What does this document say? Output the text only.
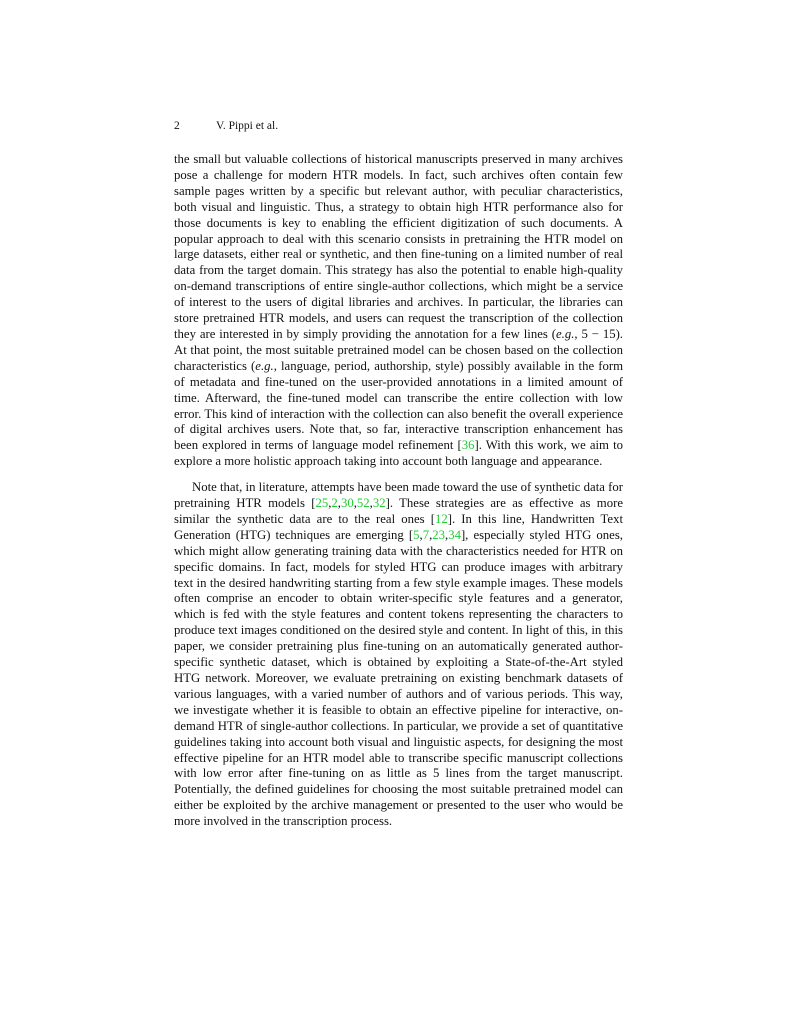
2	V. Pippi et al.

the small but valuable collections of historical manuscripts preserved in many archives pose a challenge for modern HTR models. In fact, such archives often contain few sample pages written by a specific but relevant author, with peculiar characteristics, both visual and linguistic. Thus, a strategy to obtain high HTR performance also for those documents is key to enabling the efficient digitization of such documents. A popular approach to deal with this scenario consists in pretraining the HTR model on large datasets, either real or synthetic, and then fine-tuning on a limited number of real data from the target domain. This strategy has also the potential to enable high-quality on-demand transcriptions of entire single-author collections, which might be a service of interest to the users of digital libraries and archives. In particular, the libraries can store pretrained HTR models, and users can request the transcription of the collection they are interested in by simply providing the annotation for a few lines (e.g., 5 − 15). At that point, the most suitable pretrained model can be chosen based on the collection characteristics (e.g., language, period, authorship, style) possibly available in the form of metadata and fine-tuned on the user-provided annotations in a limited amount of time. Afterward, the fine-tuned model can transcribe the entire collection with low error. This kind of interaction with the collection can also benefit the overall experience of digital archives users. Note that, so far, interactive transcription enhancement has been explored in terms of language model refinement [36]. With this work, we aim to explore a more holistic approach taking into account both language and appearance.

Note that, in literature, attempts have been made toward the use of synthetic data for pretraining HTR models [25,2,30,52,32]. These strategies are as effective as more similar the synthetic data are to the real ones [12]. In this line, Handwritten Text Generation (HTG) techniques are emerging [5,7,23,34], especially styled HTG ones, which might allow generating training data with the characteristics needed for HTR on specific domains. In fact, models for styled HTG can produce images with arbitrary text in the desired handwriting starting from a few style example images. These models often comprise an encoder to obtain writer-specific style features and a generator, which is fed with the style features and content tokens representing the characters to produce text images conditioned on the desired style and content. In light of this, in this paper, we consider pretraining plus fine-tuning on an automatically generated author-specific synthetic dataset, which is obtained by exploiting a State-of-the-Art styled HTG network. Moreover, we evaluate pretraining on existing benchmark datasets of various languages, with a varied number of authors and of various periods. This way, we investigate whether it is feasible to obtain an effective pipeline for interactive, on-demand HTR of single-author collections. In particular, we provide a set of quantitative guidelines taking into account both visual and linguistic aspects, for designing the most effective pipeline for an HTR model able to transcribe specific manuscript collections with low error after fine-tuning on as little as 5 lines from the target manuscript. Potentially, the defined guidelines for choosing the most suitable pretrained model can either be exploited by the archive management or presented to the user who would be more involved in the transcription process.
